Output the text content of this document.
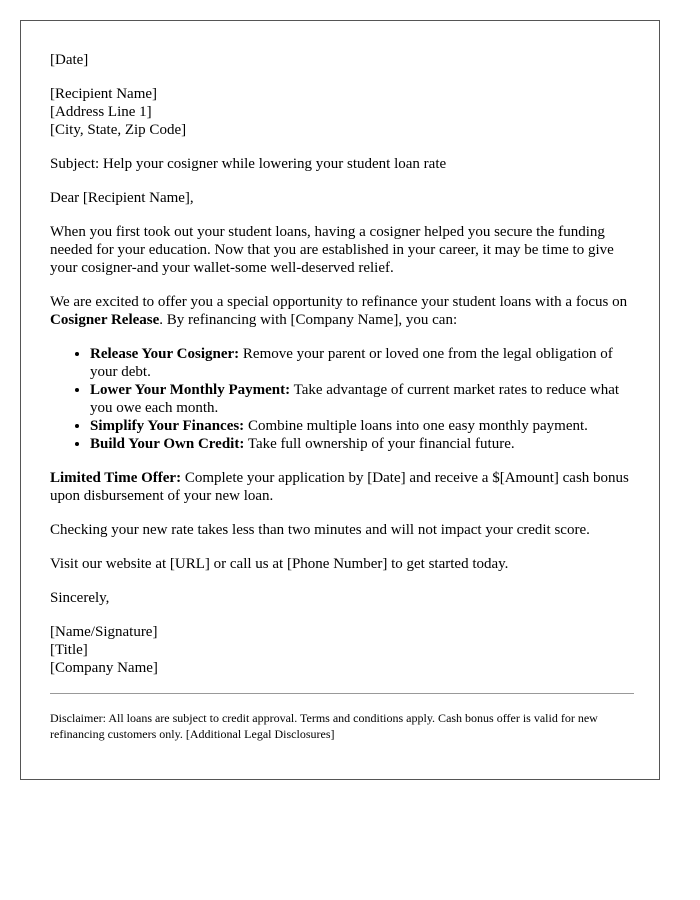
[Date]

[Recipient Name]

[Address Line 1]

[City, State, Zip Code]

Subject: Help your cosigner while lowering your student loan rate

Dear [Recipient Name],

When you first took out your student loans, having a cosigner helped you secure the funding needed for your education. Now that you are established in your career, it may be time to give your cosigner-and your wallet-some well-deserved relief.

We are excited to offer you a special opportunity to refinance your student loans with a focus on Cosigner Release. By refinancing with [Company Name], you can:

• Release Your Cosigner: Remove your parent or loved one from the legal obligation of your debt.
• Lower Your Monthly Payment: Take advantage of current market rates to reduce what you owe each month.
• Simplify Your Finances: Combine multiple loans into one easy monthly payment.
• Build Your Own Credit: Take full ownership of your financial future.

Limited Time Offer: Complete your application by [Date] and receive a $[Amount] cash bonus upon disbursement of your new loan.

Checking your new rate takes less than two minutes and will not impact your credit score.

Visit our website at [URL] or call us at [Phone Number] to get started today.

Sincerely,

[Name/Signature]

[Title]

[Company Name]

Disclaimer: All loans are subject to credit approval. Terms and conditions apply. Cash bonus offer is valid for new refinancing customers only. [Additional Legal Disclosures]
